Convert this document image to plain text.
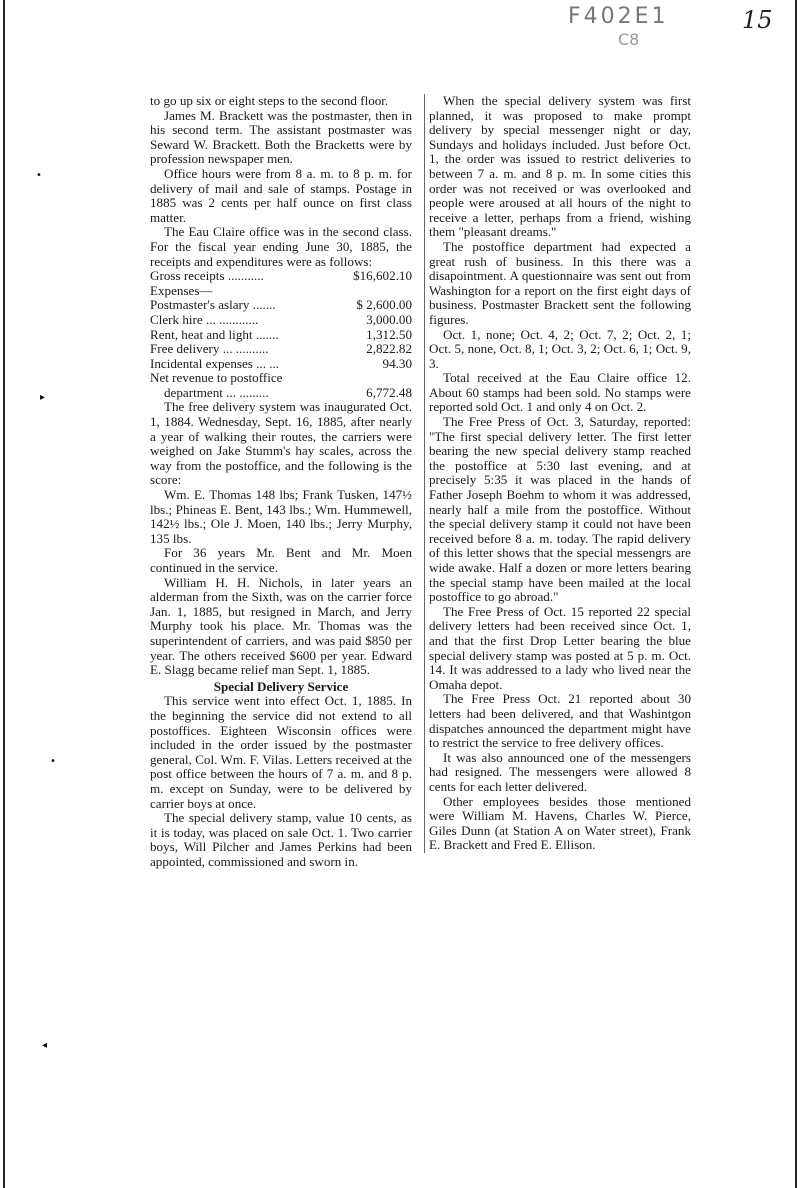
F402E1
C8
15
•
▸
•
◂

to go up six or eight steps to the second floor.

James M. Brackett was the postmaster, then in his second term. The assistant postmaster was Seward W. Brackett. Both the Bracketts were by profession newspaper men.

Office hours were from 8 a. m. to 8 p. m. for delivery of mail and sale of stamps. Postage in 1885 was 2 cents per half ounce on first class matter.

The Eau Claire office was in the second class. For the fiscal year ending June 30, 1885, the receipts and expenditures were as follows:

Gross receipts ...........	$16,602.10
Expenses—
Postmaster's aslary .......	$ 2,600.00
Clerk hire ... ............	3,000.00
Rent, heat and light .......	1,312.50
Free delivery ... ..........	2,822.82
Incidental expenses ... ...	94.30
Net revenue to postoffice
department ... .........	6,772.48

The free delivery system was inaugurated Oct. 1, 1884. Wednesday, Sept. 16, 1885, after nearly a year of walking their routes, the carriers were weighed on Jake Stumm's hay scales, across the way from the postoffice, and the following is the score:

Wm. E. Thomas 148 lbs; Frank Tusken, 147½ lbs.; Phineas E. Bent, 143 lbs.; Wm. Hummewell, 142½ lbs.; Ole J. Moen, 140 lbs.; Jerry Murphy, 135 lbs.

For 36 years Mr. Bent and Mr. Moen continued in the service.

William H. H. Nichols, in later years an alderman from the Sixth, was on the carrier force Jan. 1, 1885, but resigned in March, and Jerry Murphy took his place. Mr. Thomas was the superintendent of carriers, and was paid $850 per year. The others received $600 per year. Edward E. Slagg became relief man Sept. 1, 1885.

Special Delivery Service

This service went into effect Oct. 1, 1885. In the beginning the service did not extend to all postoffices. Eighteen Wisconsin offices were included in the order issued by the postmaster general, Col. Wm. F. Vilas. Letters received at the post office between the hours of 7 a. m. and 8 p. m. except on Sunday, were to be delivered by carrier boys at once.

The special delivery stamp, value 10 cents, as it is today, was placed on sale Oct. 1. Two carrier boys, Will Pilcher and James Perkins had been appointed, commissioned and sworn in.

When the special delivery system was first planned, it was proposed to make prompt delivery by special messenger night or day, Sundays and holidays included. Just before Oct. 1, the order was issued to restrict deliveries to between 7 a. m. and 8 p. m. In some cities this order was not received or was overlooked and people were aroused at all hours of the night to receive a letter, perhaps from a friend, wishing them "pleasant dreams."

The postoffice department had expected a great rush of business. In this there was a disapointment. A questionnaire was sent out from Washington for a report on the first eight days of business. Postmaster Brackett sent the following figures.

Oct. 1, none; Oct. 4, 2; Oct. 7, 2; Oct. 2, 1; Oct. 5, none, Oct. 8, 1; Oct. 3, 2; Oct. 6, 1; Oct. 9, 3.

Total received at the Eau Claire office 12. About 60 stamps had been sold. No stamps were reported sold Oct. 1 and only 4 on Oct. 2.

The Free Press of Oct. 3, Saturday, reported: "The first special delivery letter. The first letter bearing the new special delivery stamp reached the postoffice at 5:30 last evening, and at precisely 5:35 it was placed in the hands of Father Joseph Boehm to whom it was addressed, nearly half a mile from the postoffice. Without the special delivery stamp it could not have been received before 8 a. m. today. The rapid delivery of this letter shows that the special messengrs are wide awake. Half a dozen or more letters bearing the special stamp have been mailed at the local postoffice to go abroad."

The Free Press of Oct. 15 reported 22 special delivery letters had been received since Oct. 1, and that the first Drop Letter bearing the blue special delivery stamp was posted at 5 p. m. Oct. 14. It was addressed to a lady who lived near the Omaha depot.

The Free Press Oct. 21 reported about 30 letters had been delivered, and that Washintgon dispatches announced the department might have to restrict the service to free delivery offices.

It was also announced one of the messengers had resigned. The messengers were allowed 8 cents for each letter delivered.

Other employees besides those mentioned were William M. Havens, Charles W. Pierce, Giles Dunn (at Station A on Water street), Frank E. Brackett and Fred E. Ellison.
